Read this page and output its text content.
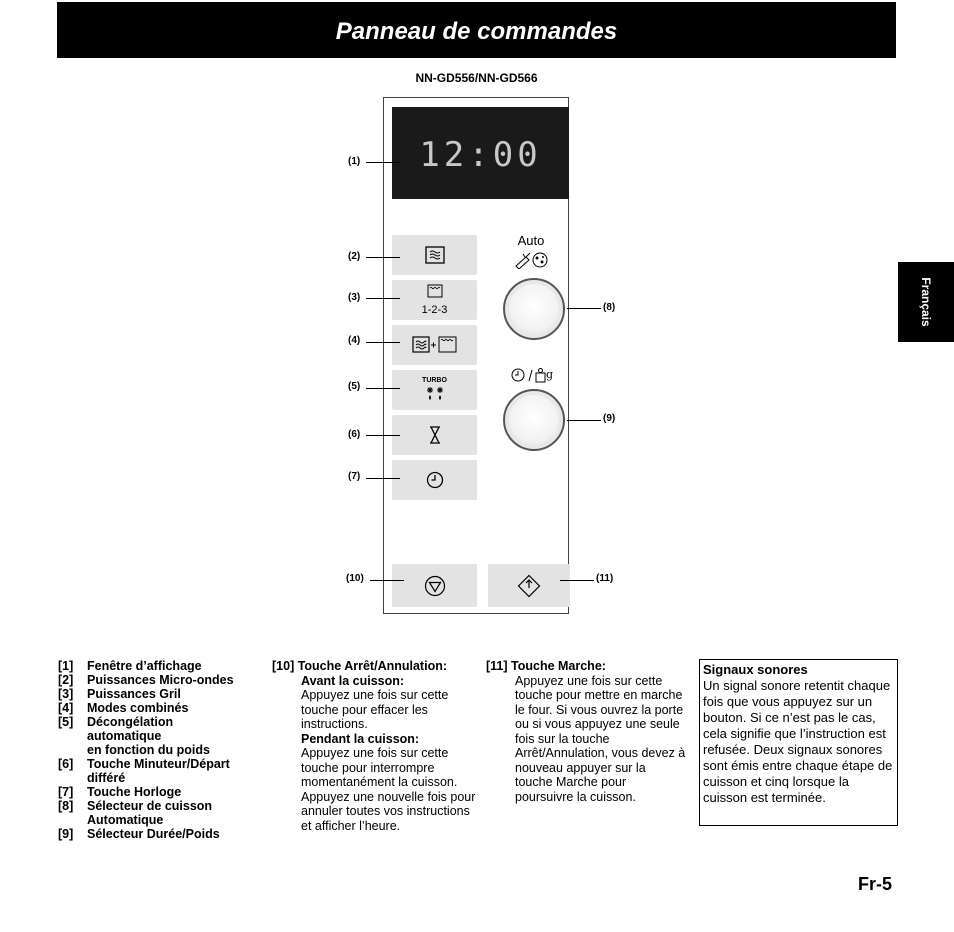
Panneau de commandes
Français
NN-GD556/NN-GD566
12:00
1-2-3
TURBO
Auto
g
(1)
(2)
(3)
(4)
(5)
(6)
(7)
(8)
(9)
(10)	(11)
[1]	Fenêtre d’affichage
[2]	Puissances Micro-ondes
[3]	Puissances Gril
[4]	Modes combinés
[5]	Décongélation
automatique
en fonction du poids
[6]	Touche Minuteur/Départ
différé
[7]	Touche Horloge
[8]	Sélecteur de cuisson
Automatique
[9]	Sélecteur Durée/Poids
[10] Touche Arrêt/Annulation:
Avant la cuisson:
Appuyez une fois sur cette touche pour effacer les instructions.
Pendant la cuisson:
Appuyez une fois sur cette touche pour interrompre momentanément la cuisson. Appuyez une nouvelle fois pour annuler toutes vos instructions et afficher l’heure.
[11] Touche Marche:
Appuyez une fois sur cette touche pour mettre en marche le four. Si vous ouvrez la porte ou si vous appuyez une seule fois sur la touche Arrêt/Annulation, vous devez à nouveau appuyer sur la touche Marche pour poursuivre la cuisson.
Signaux sonores
Un signal sonore retentit chaque fois que vous appuyez sur un bouton. Si ce n’est pas le cas, cela signifie que l’instruction est refusée. Deux signaux sonores sont émis entre chaque étape de cuisson et cinq lorsque la cuisson est terminée.
Fr-5
